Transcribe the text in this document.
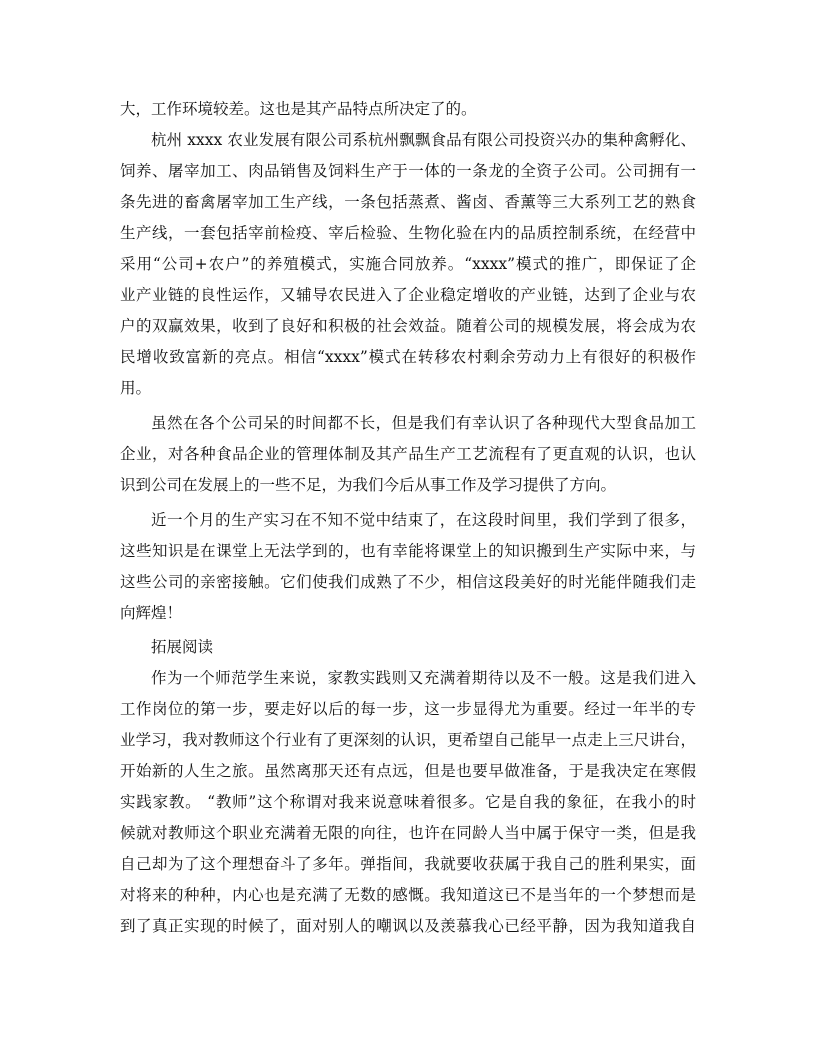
大，工作环境较差。这也是其产品特点所决定了的。
杭州 xxxx 农业发展有限公司系杭州飘飘食品有限公司投资兴办的集种禽孵化、
饲养、屠宰加工、肉品销售及饲料生产于一体的一条龙的全资子公司。公司拥有一
条先进的畜禽屠宰加工生产线，一条包括蒸煮、酱卤、香薰等三大系列工艺的熟食
生产线，一套包括宰前检疫、宰后检验、生物化验在内的品质控制系统，在经营中
采用“公司+农户”的养殖模式，实施合同放养。“xxxx”模式的推广，即保证了企
业产业链的良性运作，又辅导农民进入了企业稳定增收的产业链，达到了企业与农
户的双赢效果，收到了良好和积极的社会效益。随着公司的规模发展，将会成为农
民增收致富新的亮点。相信“xxxx”模式在转移农村剩余劳动力上有很好的积极作
用。
虽然在各个公司呆的时间都不长，但是我们有幸认识了各种现代大型食品加工
企业，对各种食品企业的管理体制及其产品生产工艺流程有了更直观的认识，也认
识到公司在发展上的一些不足，为我们今后从事工作及学习提供了方向。
近一个月的生产实习在不知不觉中结束了，在这段时间里，我们学到了很多，
这些知识是在课堂上无法学到的，也有幸能将课堂上的知识搬到生产实际中来，与
这些公司的亲密接触。它们使我们成熟了不少，相信这段美好的时光能伴随我们走
向辉煌！
拓展阅读
作为一个师范学生来说，家教实践则又充满着期待以及不一般。这是我们进入
工作岗位的第一步，要走好以后的每一步，这一步显得尤为重要。经过一年半的专
业学习，我对教师这个行业有了更深刻的认识，更希望自己能早一点走上三尺讲台，
开始新的人生之旅。虽然离那天还有点远，但是也要早做准备，于是我决定在寒假
实践家教。 “教师”这个称谓对我来说意味着很多。它是自我的象征，在我小的时
候就对教师这个职业充满着无限的向往，也许在同龄人当中属于保守一类，但是我
自己却为了这个理想奋斗了多年。弹指间，我就要收获属于我自己的胜利果实，面
对将来的种种，内心也是充满了无数的感慨。我知道这已不是当年的一个梦想而是
到了真正实现的时候了，面对别人的嘲讽以及羡慕我心已经平静，因为我知道我自
